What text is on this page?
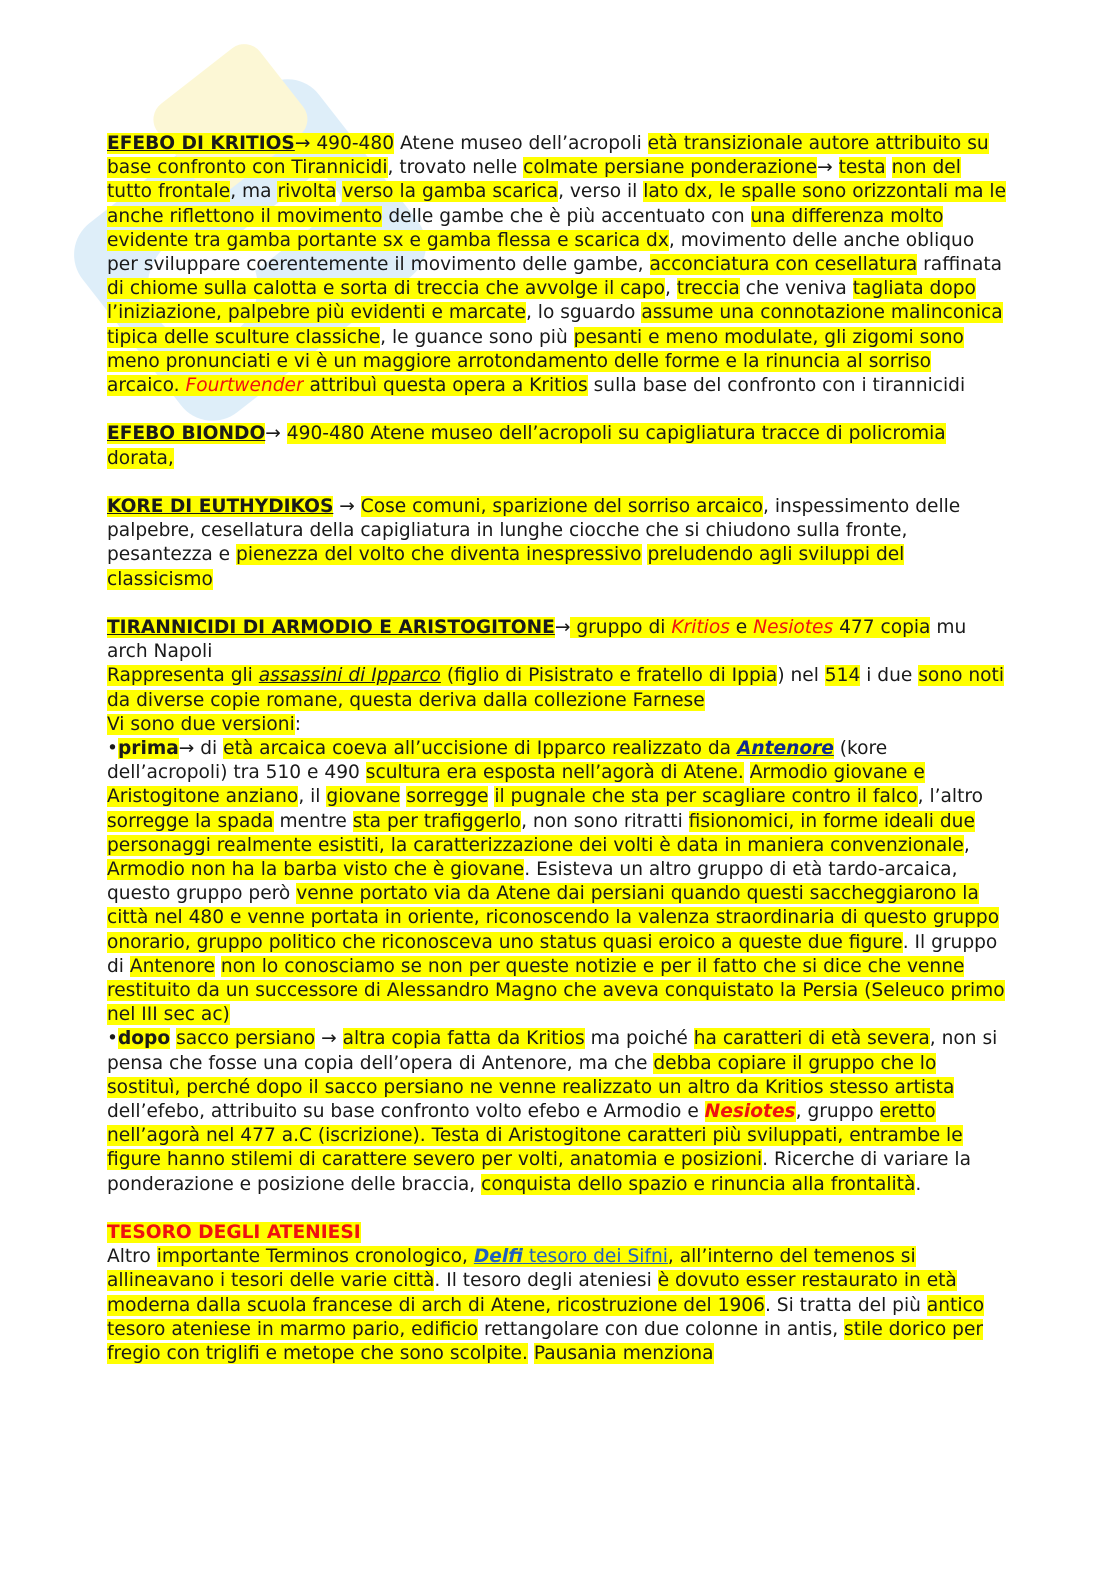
EFEBO DI KRITIOS→ 490-480 Atene museo dell’acropoli età transizionale autore attribuito su base confronto con Tirannicidi, trovato nelle colmate persiane ponderazione→ testa non del tutto frontale, ma rivolta verso la gamba scarica, verso il lato dx, le spalle sono orizzontali ma le anche riflettono il movimento delle gambe che è più accentuato con una differenza molto evidente tra gamba portante sx e gamba flessa e scarica dx, movimento delle anche obliquo per sviluppare coerentemente il movimento delle gambe, acconciatura con cesellatura raffinata di chiome sulla calotta e sorta di treccia che avvolge il capo, treccia che veniva tagliata dopo l’iniziazione, palpebre più evidenti e marcate, lo sguardo assume una connotazione malinconica tipica delle sculture classiche, le guance sono più pesanti e meno modulate, gli zigomi sono meno pronunciati e vi è un maggiore arrotondamento delle forme e la rinuncia al sorriso arcaico. Fourtwender attribuì questa opera a Kritios sulla base del confronto con i tirannicidi

EFEBO BIONDO→ 490-480 Atene museo dell’acropoli su capigliatura tracce di policromia dorata,

KORE DI EUTHYDIKOS → Cose comuni, sparizione del sorriso arcaico, inspessimento delle palpebre, cesellatura della capigliatura in lunghe ciocche che si chiudono sulla fronte, pesantezza e pienezza del volto che diventa inespressivo preludendo agli sviluppi del classicismo

TIRANNICIDI DI ARMODIO E ARISTOGITONE→ gruppo di Kritios e Nesiotes 477 copia mu arch Napoli
Rappresenta gli assassini di Ipparco (figlio di Pisistrato e fratello di Ippia) nel 514 i due sono noti da diverse copie romane, questa deriva dalla collezione Farnese
Vi sono due versioni:

•prima→ di età arcaica coeva all’uccisione di Ipparco realizzato da Antenore (kore dell’acropoli) tra 510 e 490 scultura era esposta nell’agorà di Atene. Armodio giovane e Aristogitone anziano, il giovane sorregge il pugnale che sta per scagliare contro il falco, l’altro sorregge la spada mentre sta per trafiggerlo, non sono ritratti fisionomici, in forme ideali due personaggi realmente esistiti, la caratterizzazione dei volti è data in maniera convenzionale, Armodio non ha la barba visto che è giovane. Esisteva un altro gruppo di età tardo-arcaica, questo gruppo però venne portato via da Atene dai persiani quando questi saccheggiarono la città nel 480 e venne portata in oriente, riconoscendo la valenza straordinaria di questo gruppo onorario, gruppo politico che riconosceva uno status quasi eroico a queste due figure. Il gruppo di Antenore non lo conosciamo se non per queste notizie e per il fatto che si dice che venne restituito da un successore di Alessandro Magno che aveva conquistato la Persia (Seleuco primo nel III sec ac)

•dopo sacco persiano → altra copia fatta da Kritios ma poiché ha caratteri di età severa, non si pensa che fosse una copia dell’opera di Antenore, ma che debba copiare il gruppo che lo sostituì, perché dopo il sacco persiano ne venne realizzato un altro da Kritios stesso artista dell’efebo, attribuito su base confronto volto efebo e Armodio e Nesiotes, gruppo eretto nell’agorà nel 477 a.C (iscrizione). Testa di Aristogitone caratteri più sviluppati, entrambe le figure hanno stilemi di carattere severo per volti, anatomia e posizioni. Ricerche di variare la ponderazione e posizione delle braccia, conquista dello spazio e rinuncia alla frontalità.

TESORO DEGLI ATENIESI
Altro importante Terminos cronologico, Delfi tesoro dei Sifni, all’interno del temenos si allineavano i tesori delle varie città. Il tesoro degli ateniesi è dovuto esser restaurato in età moderna dalla scuola francese di arch di Atene, ricostruzione del 1906. Si tratta del più antico tesoro ateniese in marmo pario, edificio rettangolare con due colonne in antis, stile dorico per fregio con triglifi e metope che sono scolpite. Pausania menziona
